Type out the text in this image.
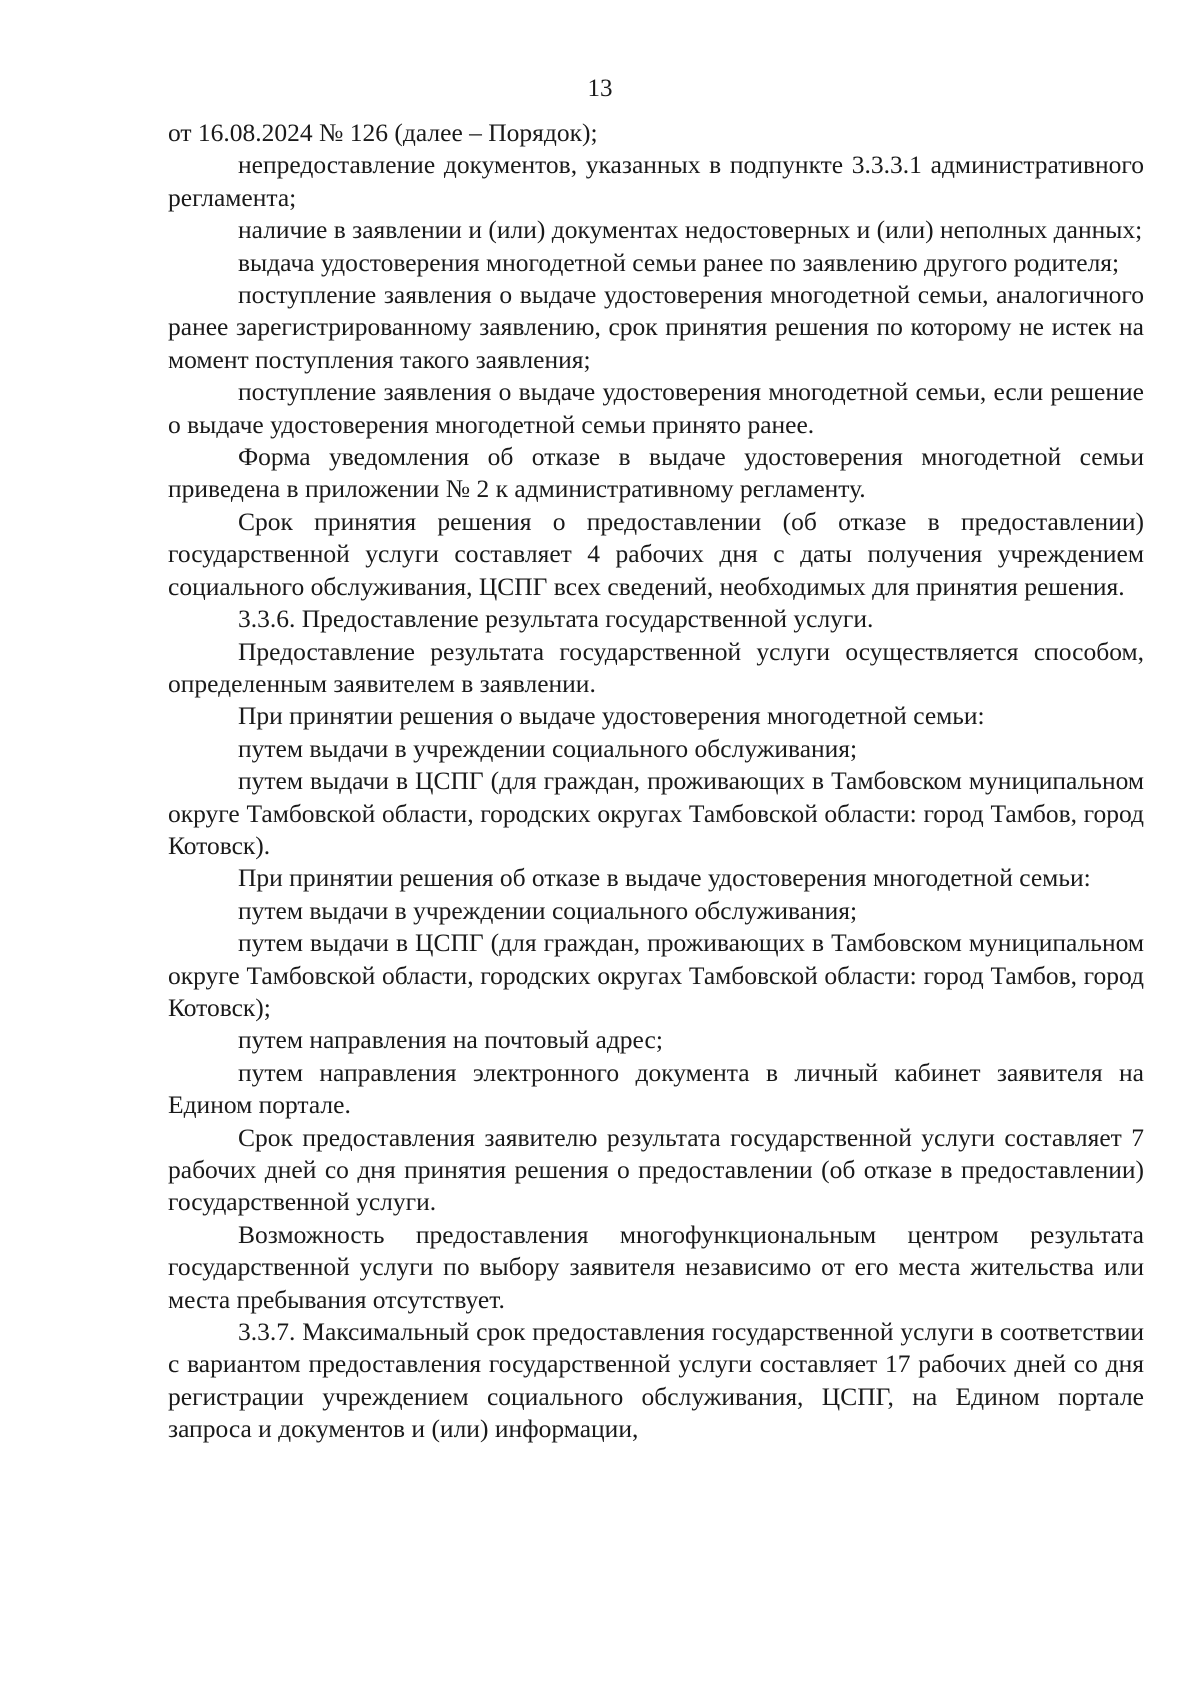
13

от 16.08.2024 № 126 (далее – Порядок);

непредоставление документов, указанных в подпункте 3.3.3.1 административного регламента;

наличие в заявлении и (или) документах недостоверных и (или) неполных данных;

выдача удостоверения многодетной семьи ранее по заявлению другого родителя;

поступление заявления о выдаче удостоверения многодетной семьи, аналогичного ранее зарегистрированному заявлению, срок принятия решения по которому не истек на момент поступления такого заявления;

поступление заявления о выдаче удостоверения многодетной семьи, если решение о выдаче удостоверения многодетной семьи принято ранее.

Форма уведомления об отказе в выдаче удостоверения многодетной семьи приведена в приложении № 2 к административному регламенту.

Срок принятия решения о предоставлении (об отказе в предоставлении) государственной услуги составляет 4 рабочих дня с даты получения учреждением социального обслуживания, ЦСПГ всех сведений, необходимых для принятия решения.

3.3.6. Предоставление результата государственной услуги.

Предоставление результата государственной услуги осуществляется способом, определенным заявителем в заявлении.

При принятии решения о выдаче удостоверения многодетной семьи:

путем выдачи в учреждении социального обслуживания;

путем выдачи в ЦСПГ (для граждан, проживающих в Тамбовском муниципальном округе Тамбовской области, городских округах Тамбовской области: город Тамбов, город Котовск).

При принятии решения об отказе в выдаче удостоверения многодетной семьи:

путем выдачи в учреждении социального обслуживания;

путем выдачи в ЦСПГ (для граждан, проживающих в Тамбовском муниципальном округе Тамбовской области, городских округах Тамбовской области: город Тамбов, город Котовск);

путем направления на почтовый адрес;

путем направления электронного документа в личный кабинет заявителя на Едином портале.

Срок предоставления заявителю результата государственной услуги составляет 7 рабочих дней со дня принятия решения о предоставлении (об отказе в предоставлении) государственной услуги.

Возможность предоставления многофункциональным центром результата государственной услуги по выбору заявителя независимо от его места жительства или места пребывания отсутствует.

3.3.7. Максимальный срок предоставления государственной услуги в соответствии с вариантом предоставления государственной услуги составляет 17 рабочих дней со дня регистрации учреждением социального обслуживания, ЦСПГ, на Едином портале запроса и документов и (или) информации,
